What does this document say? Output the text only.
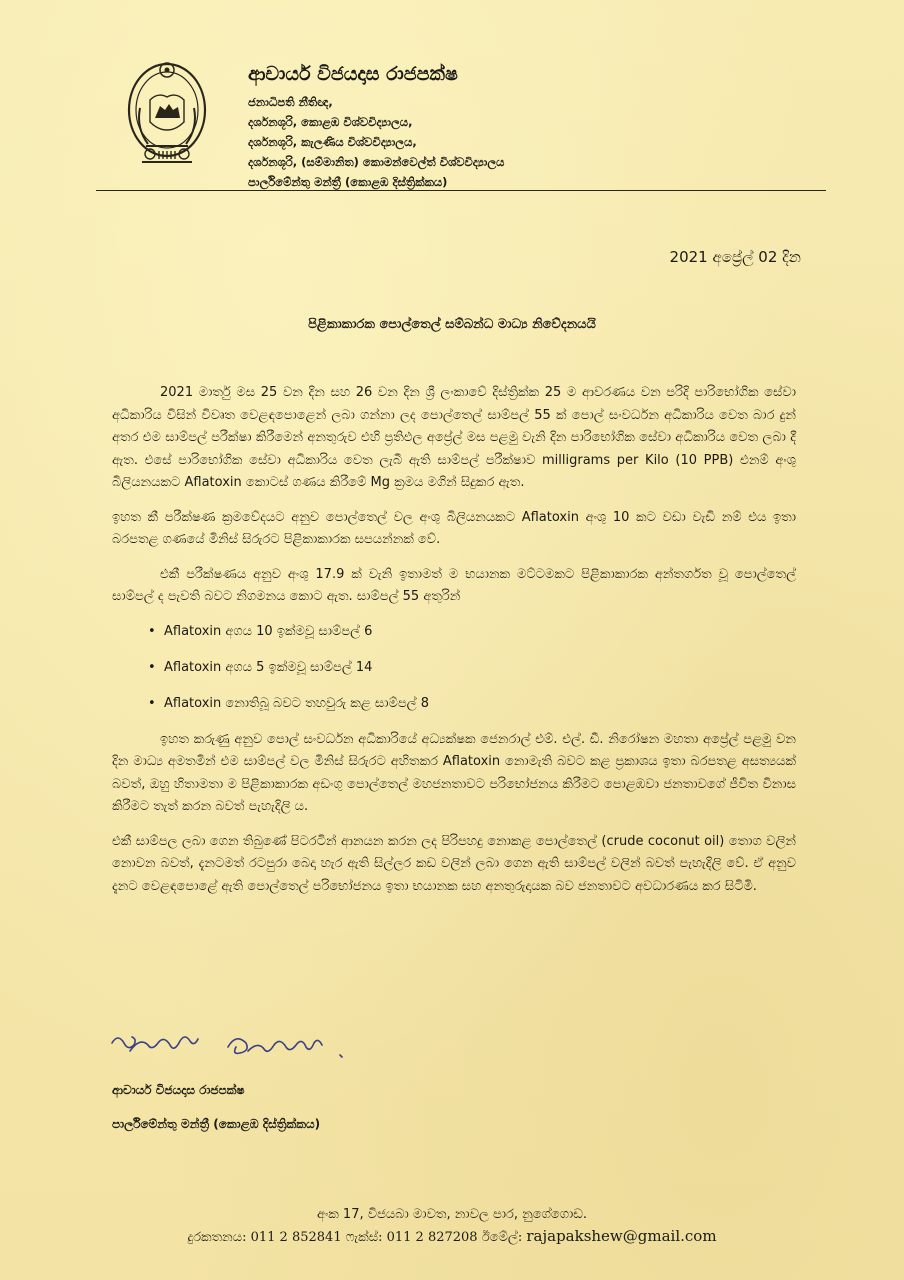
ආචාර්ය විජයදාස රාජපක්ෂ

ජනාධිපති නීතිඥ,

දර්ශනශූරි, කොළඹ විශ්වවිද්‍යාලය,

දර්ශනශූරි, කැලණිය විශ්වවිද්‍යාලය,

දර්ශනශූරි, (සම්මානිත) කොමන්වෙල්ත් විශ්වවිද්‍යාලය

පාර්ලිමේන්තු මන්ත්‍රී (කොළඹ දිස්ත්‍රික්කය)

2021 අප්‍රේල් 02 දින
පිළිකාකාරක පොල්තෙල් සම්බන්ධ මාධ්‍ය නිවේදනයයි

2021 මාර්තු මස 25 වන දින සහ 26 වන දින ශ්‍රී ලංකාවේ දිස්ත්‍රික්ක 25 ම ආවරණය වන පරිදි පාරිභෝගික සේවා අධිකාරිය විසින් විවෘත වෙළඳපොළෙන් ලබා ගන්නා ලද පොල්තෙල් සාම්පල් 55 ක් පොල් සංවර්ධන අධිකාරිය වෙත බාර දුන් අතර එම සාම්පල් පරීක්ෂා කිරීමෙන් අනතුරුව එහි ප්‍රතිඵල අප්‍රේල් මස පළමු වැනි දින පාරිභෝගික සේවා අධිකාරිය වෙත ලබා දී ඇත. එසේ පාරිභෝගික සේවා අධිකාරිය වෙත ලැබී ඇති සාම්පල් පරීක්ෂාව milligrams per Kilo (10 PPB) එනම් අංශු බිලියනයකට Aflatoxin කොටස් ගණය කිරීමේ Mg ක්‍රමය මගින් සිදුකර ඇත.

ඉහත කී පරීක්ෂණ ක්‍රමවේදයට අනුව පොල්තෙල් වල අංශු බිලියනයකට Aflatoxin අංශු 10 කට වඩා වැඩි නම් එය ඉතා බරපතළ ගණයේ මිනිස් සිරුරට පිළිකාකාරක සපයන්නක් වේ.

එකී පරීක්ෂණය අනුව අංශු 17.9 ක් වැනි ඉතාමත් ම භයානක මට්ටමකට පිළිකාකාරක අන්තර්ගත වූ පොල්තෙල් සාම්පල් ද පැවති බවට නිගමනය කොට ඇත. සාම්පල් 55 අතුරින්

• Aflatoxin අගය 10 ඉක්මවූ සාම්පල් 6
• Aflatoxin අගය 5 ඉක්මවූ සාම්පල් 14
• Aflatoxin නොතිබූ බවට තහවුරු කළ සාම්පල් 8

ඉහත කරුණු අනුව පොල් සංවර්ධන අධිකාරියේ අධ්‍යක්ෂක ජෙනරාල් එම්. එල්. ඩී. නිරෝෂන මහතා අප්‍රේල් පළමු වන දින මාධ්‍ය අමතමින් එම සාම්පල් වල මිනිස් සිරුරට අහිතකර Aflatoxin නොමැති බවට කළ ප්‍රකාශය ඉතා බරපතළ අසත්‍යයක් බවත්, ඔහු හිතාමතා ම පිළිකාකාරක අඩංගු පොල්තෙල් මහජනතාවට පරිභෝජනය කිරීමට පොළඹවා ජනතාවගේ ජීවිත විනාස කිරීමට තැත් කරන බවත් පැහැදිලි ය.

එකී සාම්පල ලබා ගෙන තිබුණේ පිටරටින් ආනයන කරන ලද පිරිපහදු නොකළ පොල්තෙල් (crude coconut oil) තොග වලින් නොවන බවත්, දැනටමත් රටපුරා බෙදා හැර ඇති සිල්ලර කඩ වලින් ලබා ගෙන ඇති සාම්පල් වලින් බවත් පැහැදිලි වේ. ඒ අනුව දැනට වෙළඳපොළේ ඇති පොල්තෙල් පරිභෝජනය ඉතා භයානක සහ අනතුරුදායක බව ජනතාවට අවධාරණය කර සිටිමි.

ආචාර්ය විජයදාස රාජපක්ෂ
පාර්ලිමේන්තු මන්ත්‍රී (කොළඹ දිස්ත්‍රික්කය)
අංක 17, විජයබා මාවත, නාවල පාර, නුගේගොඩ.
දුරකතනය: 011 2 852841 ෆැක්ස්: 011 2 827208 ඊමේල්: rajapakshew@gmail.com
